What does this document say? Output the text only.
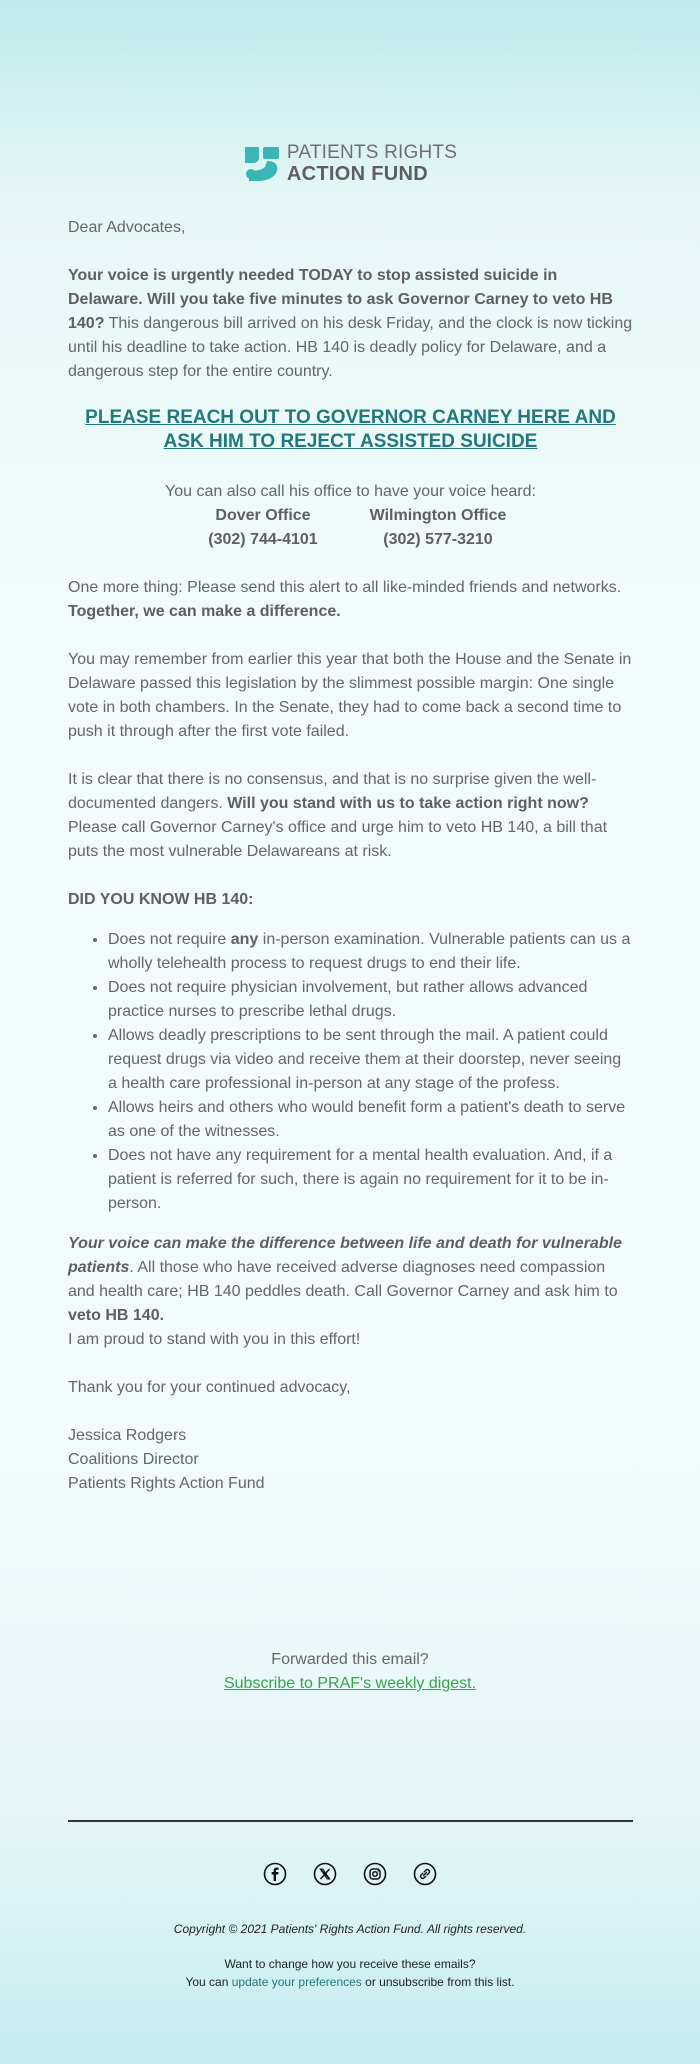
PATIENTS RIGHTS
ACTION FUND

Dear Advocates,

Your voice is urgently needed TODAY to stop assisted suicide in Delaware. Will you take five minutes to ask Governor Carney to veto HB 140? This dangerous bill arrived on his desk Friday, and the clock is now ticking until his deadline to take action. HB 140 is deadly policy for Delaware, and a dangerous step for the entire country.

PLEASE REACH OUT TO GOVERNOR CARNEY HERE AND ASK HIM TO REJECT ASSISTED SUICIDE

You can also call his office to have your voice heard:

Dover Office
(302) 744-4101
Wilmington Office
(302) 577-3210

One more thing: Please send this alert to all like-minded friends and networks. Together, we can make a difference.

You may remember from earlier this year that both the House and the Senate in Delaware passed this legislation by the slimmest possible margin: One single vote in both chambers. In the Senate, they had to come back a second time to push it through after the first vote failed.

It is clear that there is no consensus, and that is no surprise given the well-documented dangers. Will you stand with us to take action right now? Please call Governor Carney's office and urge him to veto HB 140, a bill that puts the most vulnerable Delawareans at risk.

DID YOU KNOW HB 140:

• Does not require any in-person examination. Vulnerable patients can us a wholly telehealth process to request drugs to end their life.
• Does not require physician involvement, but rather allows advanced practice nurses to prescribe lethal drugs.
• Allows deadly prescriptions to be sent through the mail. A patient could request drugs via video and receive them at their doorstep, never seeing a health care professional in-person at any stage of the profess.
• Allows heirs and others who would benefit form a patient's death to serve as one of the witnesses.
• Does not have any requirement for a mental health evaluation. And, if a patient is referred for such, there is again no requirement for it to be in-person.

Your voice can make the difference between life and death for vulnerable patients. All those who have received adverse diagnoses need compassion and health care; HB 140 peddles death. Call Governor Carney and ask him to veto HB 140.

I am proud to stand with you in this effort!

Thank you for your continued advocacy,

Jessica Rodgers

Coalitions Director

Patients Rights Action Fund

Forwarded this email?
Subscribe to PRAF's weekly digest.
Copyright © 2021 Patients' Rights Action Fund. All rights reserved.
Want to change how you receive these emails?
You can update your preferences or unsubscribe from this list.
